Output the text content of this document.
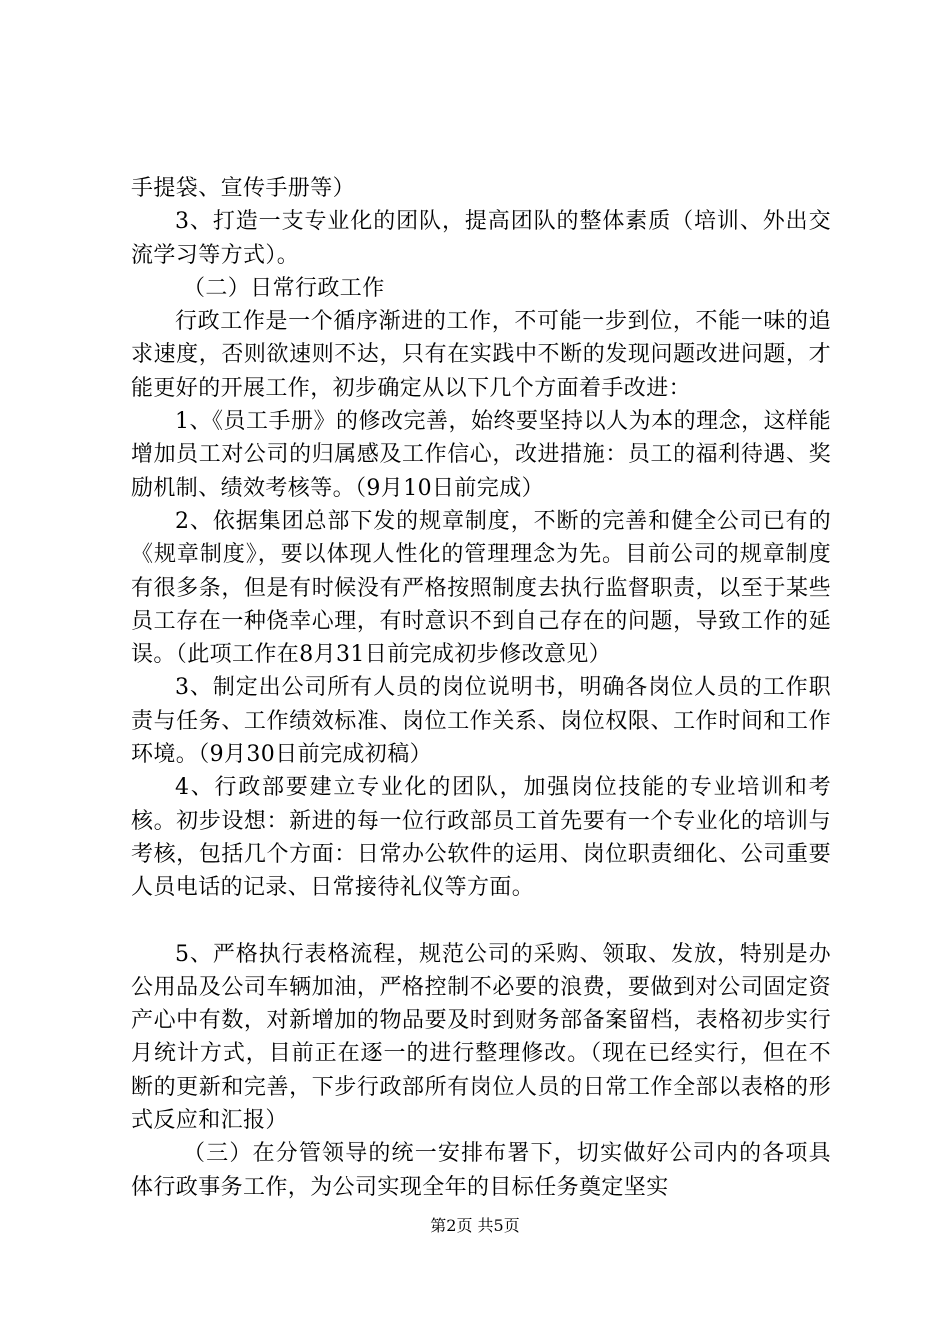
手提袋、宣传手册等）

3、打造一支专业化的团队，提高团队的整体素质（培训、外出交流学习等方式）。

（二）日常行政工作

行政工作是一个循序渐进的工作，不可能一步到位，不能一味的追求速度，否则欲速则不达，只有在实践中不断的发现问题改进问题，才能更好的开展工作，初步确定从以下几个方面着手改进：

1、《员工手册》的修改完善，始终要坚持以人为本的理念，这样能增加员工对公司的归属感及工作信心，改进措施：员工的福利待遇、奖励机制、绩效考核等。（9月10日前完成）

2、依据集团总部下发的规章制度，不断的完善和健全公司已有的《规章制度》，要以体现人性化的管理理念为先。目前公司的规章制度有很多条，但是有时候没有严格按照制度去执行监督职责，以至于某些员工存在一种侥幸心理，有时意识不到自己存在的问题，导致工作的延误。（此项工作在8月31日前完成初步修改意见）

3、制定出公司所有人员的岗位说明书，明确各岗位人员的工作职责与任务、工作绩效标准、岗位工作关系、岗位权限、工作时间和工作环境。（9月30日前完成初稿）

4、行政部要建立专业化的团队，加强岗位技能的专业培训和考核。初步设想：新进的每一位行政部员工首先要有一个专业化的培训与考核，包括几个方面：日常办公软件的运用、岗位职责细化、公司重要人员电话的记录、日常接待礼仪等方面。

5、严格执行表格流程，规范公司的采购、领取、发放，特别是办公用品及公司车辆加油，严格控制不必要的浪费，要做到对公司固定资产心中有数，对新增加的物品要及时到财务部备案留档，表格初步实行月统计方式，目前正在逐一的进行整理修改。（现在已经实行，但在不断的更新和完善，下步行政部所有岗位人员的日常工作全部以表格的形式反应和汇报）

（三）在分管领导的统一安排布署下，切实做好公司内的各项具体行政事务工作，为公司实现全年的目标任务奠定坚实

第2页 共5页
